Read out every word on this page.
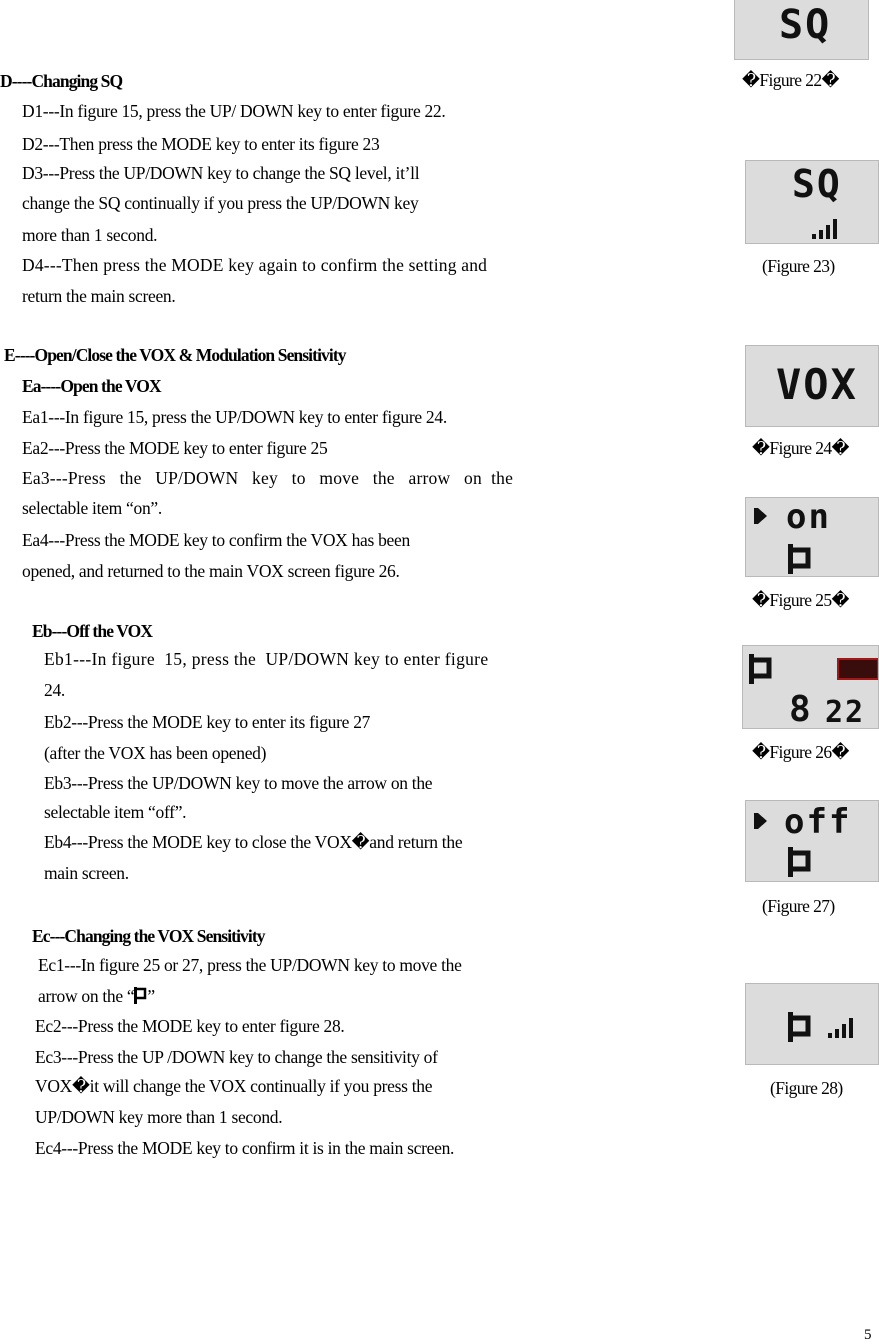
D----Changing SQ
D1---In figure 15, press the UP/ DOWN key to enter figure 22.
D2---Then press the MODE key to enter its figure 23
D3---Press the UP/DOWN key to change the SQ level, it’ll
change the SQ continually if you press the UP/DOWN key
more than 1 second.
D4---Then press the MODE key again to confirm the setting and
return the main screen.
E----Open/Close the VOX & Modulation Sensitivity
Ea----Open the VOX
Ea1---In figure 15, press the UP/DOWN key to enter figure 24.
Ea2---Press the MODE key to enter figure 25
Ea3---Press   the   UP/DOWN   key   to   move   the   arrow   on  the
selectable item “on”.
Ea4---Press the MODE key to confirm the VOX has been
opened, and returned to the main VOX screen figure 26.
Eb---Off the VOX
Eb1---In figure  15, press the  UP/DOWN key to enter figure
24.
Eb2---Press the MODE key to enter its figure 27
(after the VOX has been opened)
Eb3---Press the UP/DOWN key to move the arrow on the
selectable item “off”.
Eb4---Press the MODE key to close the VOX�and return the
main screen.
Ec---Changing the VOX Sensitivity
Ec1---In figure 25 or 27, press the UP/DOWN key to move the
arrow on the “ ”
Ec2---Press the MODE key to enter figure 28.
Ec3---Press the UP /DOWN key to change the sensitivity of
VOX�it will change the VOX continually if you press the
UP/DOWN key more than 1 second.
Ec4---Press the MODE key to confirm it is in the main screen.
SQ
�Figure 22�
SQ
(Figure 23)
VOX
�Figure 24�
on
�Figure 25�
8 22
�Figure 26�
off
(Figure 27)
(Figure 28)
5
